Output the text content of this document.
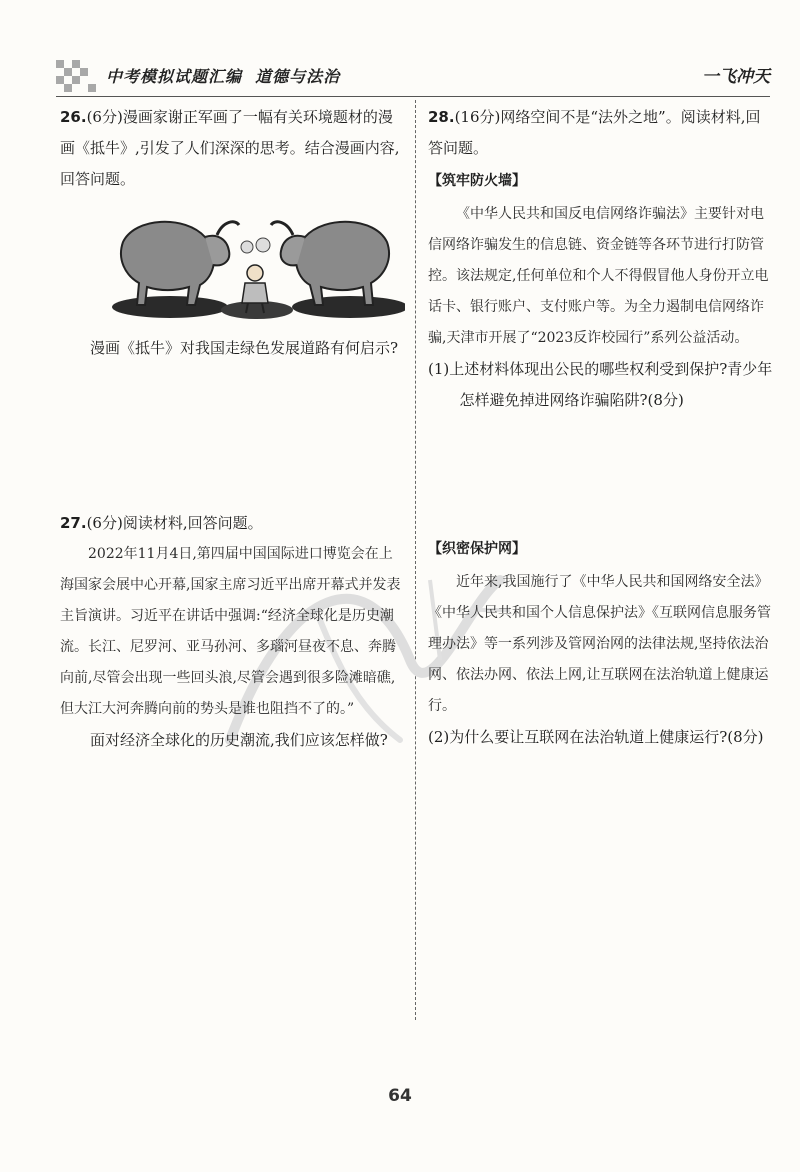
中考模拟试题汇编  道德与法治	一飞冲天

26.(6分)漫画家谢正军画了一幅有关环境题材的漫画《抵牛》,引发了人们深深的思考。结合漫画内容,回答问题。

漫画《抵牛》对我国走绿色发展道路有何启示?

27.(6分)阅读材料,回答问题。

2022年11月4日,第四届中国国际进口博览会在上海国家会展中心开幕,国家主席习近平出席开幕式并发表主旨演讲。习近平在讲话中强调:“经济全球化是历史潮流。长江、尼罗河、亚马孙河、多瑙河昼夜不息、奔腾向前,尽管会出现一些回头浪,尽管会遇到很多险滩暗礁,但大江大河奔腾向前的势头是谁也阻挡不了的。”

面对经济全球化的历史潮流,我们应该怎样做?

28.(16分)网络空间不是“法外之地”。阅读材料,回答问题。

【筑牢防火墙】

《中华人民共和国反电信网络诈骗法》主要针对电信网络诈骗发生的信息链、资金链等各环节进行打防管控。该法规定,任何单位和个人不得假冒他人身份开立电话卡、银行账户、支付账户等。为全力遏制电信网络诈骗,天津市开展了“2023反诈校园行”系列公益活动。

(1)上述材料体现出公民的哪些权利受到保护?青少年怎样避免掉进网络诈骗陷阱?(8分)

【织密保护网】

近年来,我国施行了《中华人民共和国网络安全法》《中华人民共和国个人信息保护法》《互联网信息服务管理办法》等一系列涉及管网治网的法律法规,坚持依法治网、依法办网、依法上网,让互联网在法治轨道上健康运行。

(2)为什么要让互联网在法治轨道上健康运行?(8分)

64
